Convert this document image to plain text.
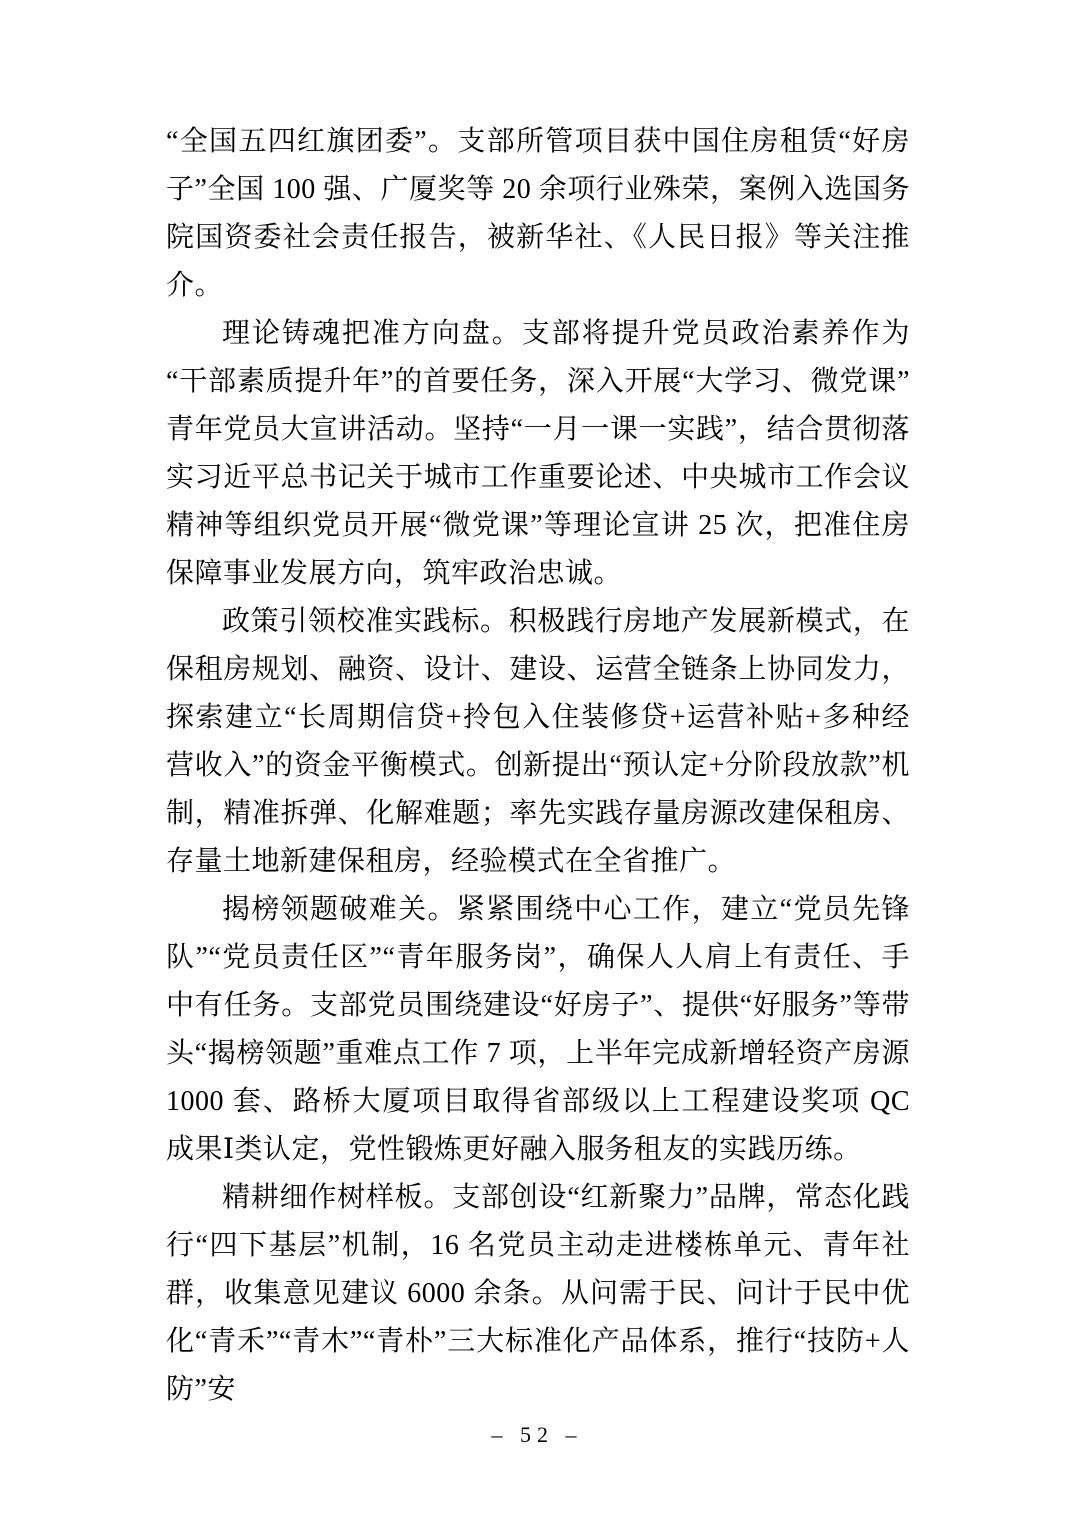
“全国五四红旗团委”。支部所管项目获中国住房租赁“好房子”全国 100 强、广厦奖等 20 余项行业殊荣，案例入选国务院国资委社会责任报告，被新华社、《人民日报》等关注推介。

理论铸魂把准方向盘。支部将提升党员政治素养作为“干部素质提升年”的首要任务，深入开展“大学习、微党课”青年党员大宣讲活动。坚持“一月一课一实践”，结合贯彻落实习近平总书记关于城市工作重要论述、中央城市工作会议精神等组织党员开展“微党课”等理论宣讲 25 次，把准住房保障事业发展方向，筑牢政治忠诚。

政策引领校准实践标。积极践行房地产发展新模式，在保租房规划、融资、设计、建设、运营全链条上协同发力，探索建立“长周期信贷+拎包入住装修贷+运营补贴+多种经营收入”的资金平衡模式。创新提出“预认定+分阶段放款”机制，精准拆弹、化解难题；率先实践存量房源改建保租房、存量土地新建保租房，经验模式在全省推广。

揭榜领题破难关。紧紧围绕中心工作，建立“党员先锋队”“党员责任区”“青年服务岗”，确保人人肩上有责任、手中有任务。支部党员围绕建设“好房子”、提供“好服务”等带头“揭榜领题”重难点工作 7 项，上半年完成新增轻资产房源 1000 套、路桥大厦项目取得省部级以上工程建设奖项 QC 成果Ⅰ类认定，党性锻炼更好融入服务租友的实践历练。

精耕细作树样板。支部创设“红新聚力”品牌，常态化践行“四下基层”机制，16 名党员主动走进楼栋单元、青年社群，收集意见建议 6000 余条。从问需于民、问计于民中优化“青禾”“青木”“青朴”三大标准化产品体系，推行“技防+人防”安

– 52 –
